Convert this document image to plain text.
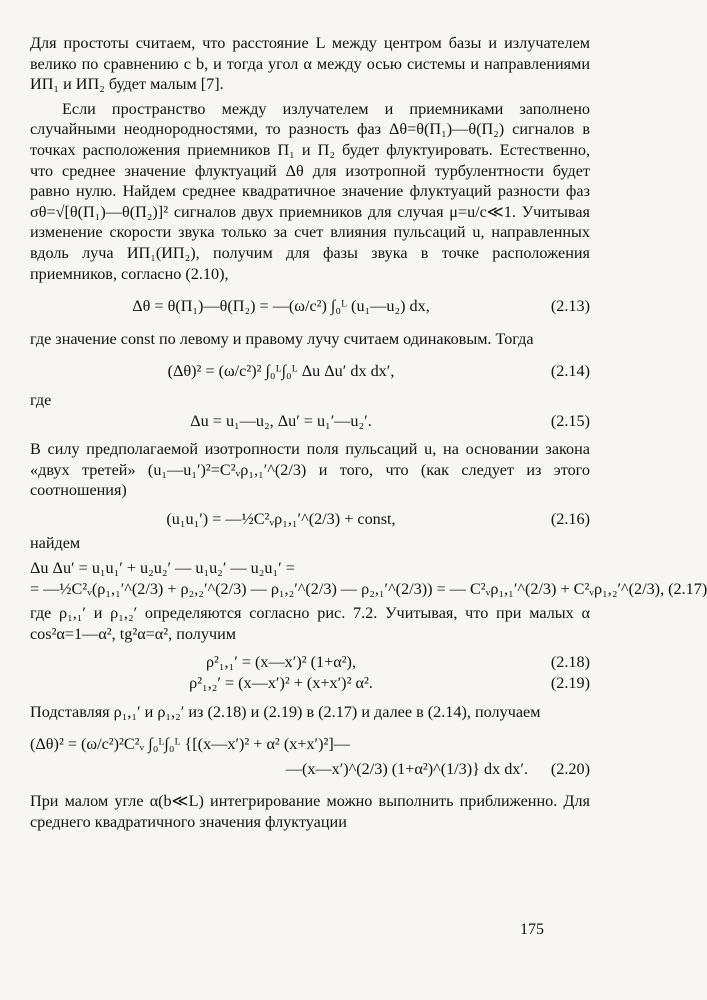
Для простоты считаем, что расстояние L между центром базы и излучателем велико по сравнению с b, и тогда угол α между осью системы и направлениями ИП₁ и ИП₂ будет малым [7].

Если пространство между излучателем и приемниками заполнено случайными неоднородностями, то разность фаз Δθ=θ(П₁)—θ(П₂) сигналов в точках расположения приемников П₁ и П₂ будет флуктуировать. Естественно, что среднее значение флуктуаций Δθ для изотропной турбулентности будет равно нулю. Найдем среднее квадратичное значение флуктуаций разности фаз σθ=√[θ(П₁)—θ(П₂)]² сигналов двух приемников для случая μ=u/c≪1. Учитывая изменение скорости звука только за счет влияния пульсаций u, направленных вдоль луча ИП₁(ИП₂), получим для фазы звука в точке расположения приемников, согласно (2.10),

Δθ = θ(П₁)—θ(П₂) = —(ω/c²) ∫₀ᴸ (u₁—u₂) dx,	(2.13)

где значение const по левому и правому лучу считаем одинаковым. Тогда

(Δθ)² = (ω/c²)² ∫₀ᴸ∫₀ᴸ Δu Δu′ dx dx′,	(2.14)

где

Δu = u₁—u₂, Δu′ = u₁′—u₂′.	(2.15)

В силу предполагаемой изотропности поля пульсаций u, на основании закона «двух третей» (u₁—u₁′)²=C²ᵥρ₁,₁′^(2/3) и того, что (как следует из этого соотношения)

(u₁u₁′) = —½C²ᵥρ₁,₁′^(2/3) + const,	(2.16)

найдем

Δu Δu′ = u₁u₁′ + u₂u₂′ — u₁u₂′ — u₂u₁′ =
= —½C²ᵥ(ρ₁,₁′^(2/3) + ρ₂,₂′^(2/3) — ρ₁,₂′^(2/3) — ρ₂,₁′^(2/3)) = — C²ᵥρ₁,₁′^(2/3) + C²ᵥρ₁,₂′^(2/3), (2.17)

где ρ₁,₁′ и ρ₁,₂′ определяются согласно рис. 7.2. Учитывая, что при малых α cos²α=1—α², tg²α=α², получим

ρ²₁,₁′ = (x—x′)² (1+α²),	(2.18)
ρ²₁,₂′ = (x—x′)² + (x+x′)² α².	(2.19)

Подставляя ρ₁,₁′ и ρ₁,₂′ из (2.18) и (2.19) в (2.17) и далее в (2.14), получаем

(Δθ)² = (ω/c²)²C²ᵥ ∫₀ᴸ∫₀ᴸ {[(x—x′)² + α² (x+x′)²]—
—(x—x′)^(2/3) (1+α²)^(1/3)} dx dx′.	(2.20)

При малом угле α(b≪L) интегрирование можно выполнить приближенно. Для среднего квадратичного значения флуктуации

175
